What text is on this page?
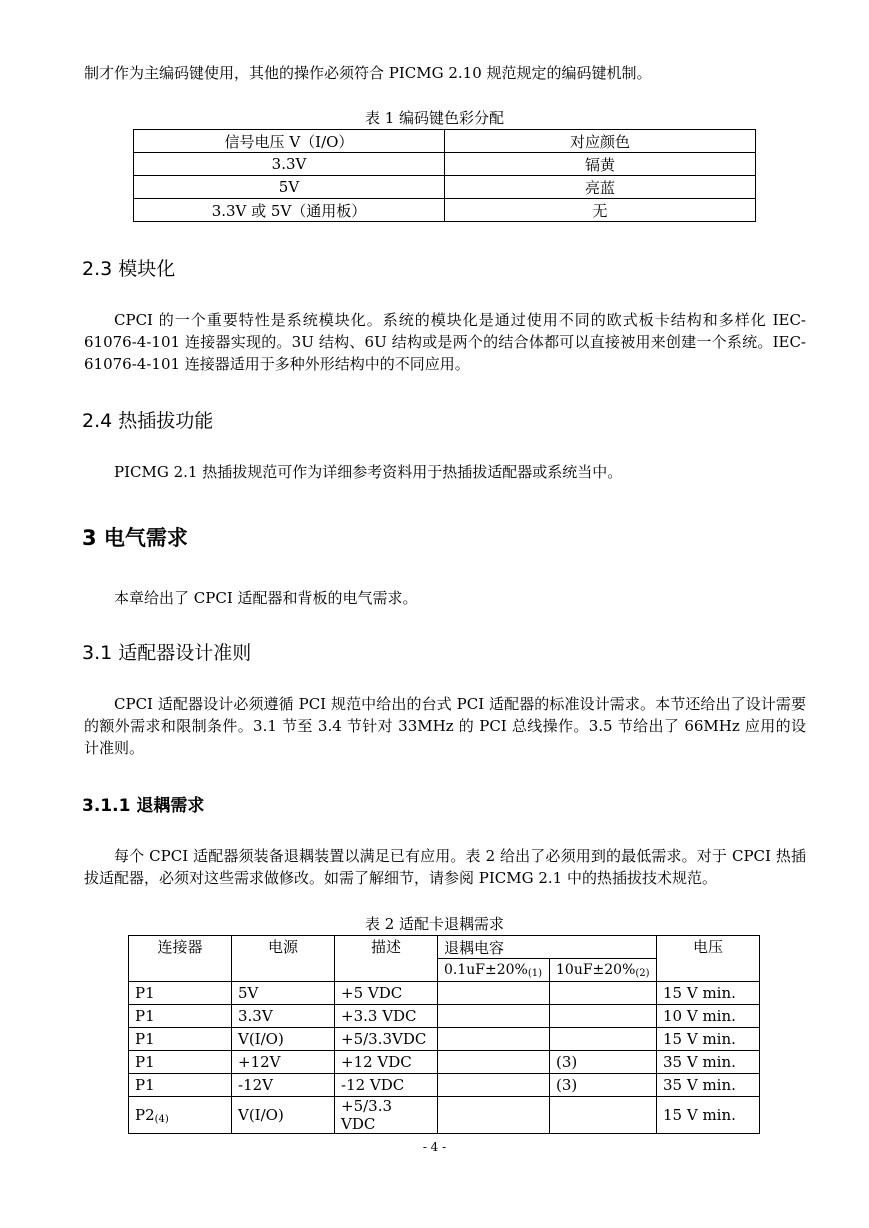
制才作为主编码键使用，其他的操作必须符合 PICMG 2.10 规范规定的编码键机制。
表 1 编码键色彩分配
信号电压 V（I/O）	对应颜色
3.3V	镉黄
5V	亮蓝
3.3V 或 5V（通用板）	无
2.3 模块化
CPCI 的一个重要特性是系统模块化。系统的模块化是通过使用不同的欧式板卡结构和多样化 IEC-61076-4-101 连接器实现的。3U 结构、6U 结构或是两个的结合体都可以直接被用来创建一个系统。IEC-61076-4-101 连接器适用于多种外形结构中的不同应用。
2.4 热插拔功能
PICMG 2.1 热插拔规范可作为详细参考资料用于热插拔适配器或系统当中。
3 电气需求
本章给出了 CPCI 适配器和背板的电气需求。
3.1 适配器设计准则
CPCI 适配器设计必须遵循 PCI 规范中给出的台式 PCI 适配器的标准设计需求。本节还给出了设计需要的额外需求和限制条件。3.1 节至 3.4 节针对 33MHz 的 PCI 总线操作。3.5 节给出了 66MHz 应用的设计准则。
3.1.1 退耦需求
每个 CPCI 适配器须装备退耦装置以满足已有应用。表 2 给出了必须用到的最低需求。对于 CPCI 热插拔适配器，必须对这些需求做修改。如需了解细节，请参阅 PICMG 2.1 中的热插拔技术规范。
表 2 适配卡退耦需求
连接器	电源	描述	退耦电容		电压
			$0.1uF\pm 20\%_{(1)}$	$10uF\pm 20\%_{(2)}$
P1	5V	+5 VDC			15 V min.
P1	3.3V	+3.3 VDC			10 V min.
P1	V(I/O)	+5/3.3VDC			15 V min.
P1	+12V	+12 VDC		(3)	35 V min.
P1	-12V	-12 VDC		(3)	35 V min.
$P2_{(4)}$	V(I/O)	+5/3.3 VDC			15 V min.
- 4 -
